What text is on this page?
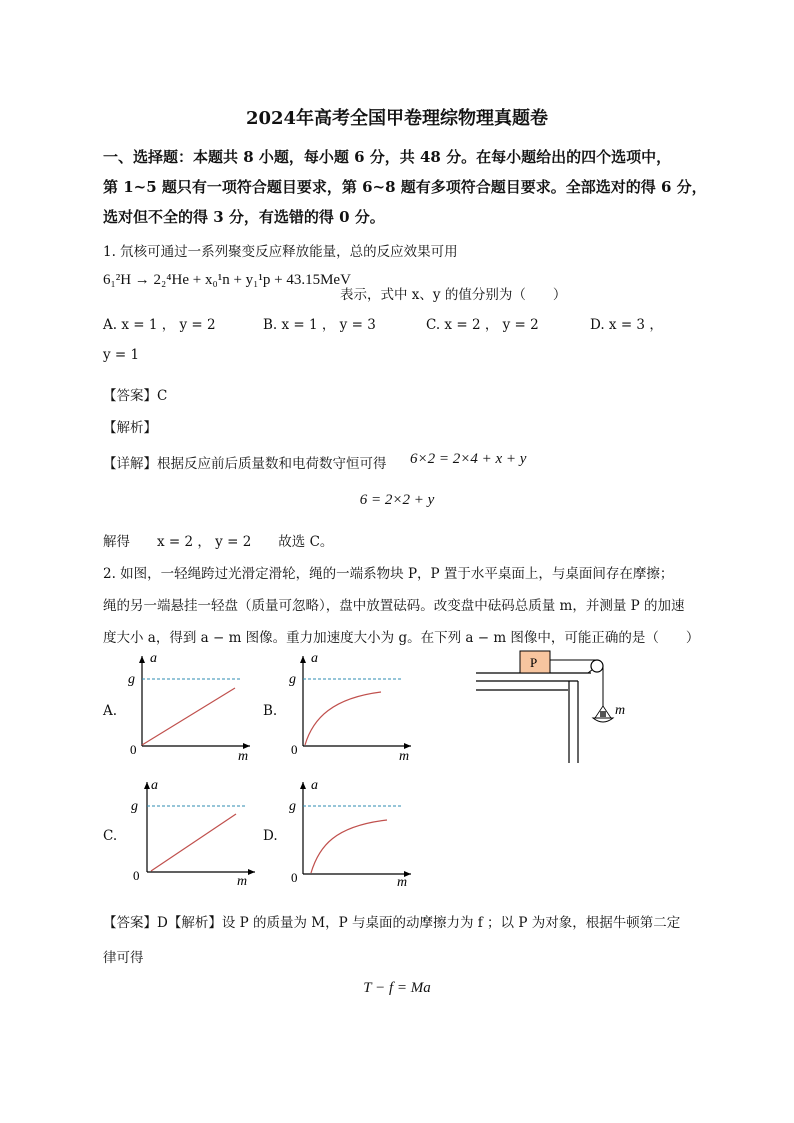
2024年高考全国甲卷理综物理真题卷
一、选择题：本题共 8 小题，每小题 6 分，共 48 分。在每小题给出的四个选项中，
第 1~5 题只有一项符合题目要求，第 6~8 题有多项符合题目要求。全部选对的得 6 分，
选对但不全的得 3 分，有选错的得 0 分。
1. 氘核可通过一系列聚变反应释放能量，总的反应效果可用
6₁²H → 2₂⁴He + x₀¹n + y₁¹p + 43.15MeV
表示，式中 x、y 的值分别为（　　）
A. x = 1 ， y = 2	B. x = 1 ， y = 3	C. x = 2 ， y = 2	D. x = 3 ，
y = 1
【答案】C
【解析】
【详解】根据反应前后质量数和电荷数守恒可得 6×2 = 2×4 + x + y
6 = 2×2 + y
解得　　x = 2 ， y = 2　　故选 C。
2. 如图，一轻绳跨过光滑定滑轮，绳的一端系物块 P，P 置于水平桌面上，与桌面间存在摩擦；
绳的另一端悬挂一轻盘（质量可忽略），盘中放置砝码。改变盘中砝码总质量 m，并测量 P 的加速
度大小 a，得到 a − m 图像。重力加速度大小为 g。在下列 a − m 图像中，可能正确的是（　　）
A.
a
g
0	m
B.
a
g
0	m
P
m
C.
a
g
0	m
D.
a
g
0	m
【答案】D【解析】设 P 的质量为 M，P 与桌面的动摩擦力为 f ；以 P 为对象，根据牛顿第二定
律可得
T − f = Ma
